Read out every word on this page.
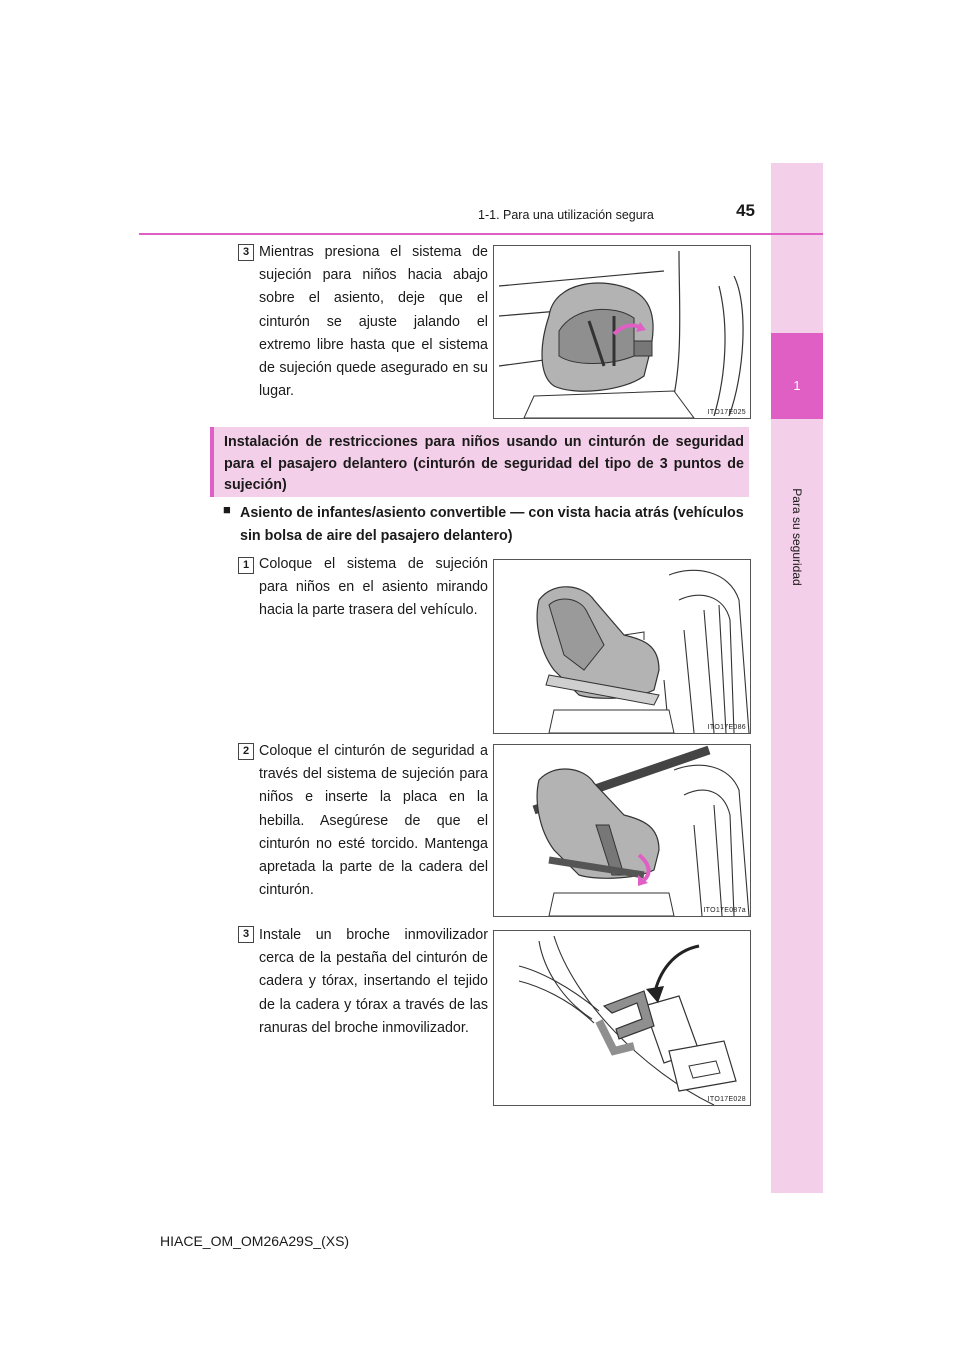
1
Para su seguridad
1-1. Para una utilización segura	45
3 Mientras presiona el sistema de sujeción para niños hacia abajo sobre el asiento, deje que el cinturón se ajuste jalando el extremo libre hasta que el sistema de sujeción quede asegurado en su lugar.
ITO17E025
Instalación de restricciones para niños usando un cinturón de seguridad para el pasajero delantero (cinturón de seguridad del tipo de 3 puntos de sujeción)
■ Asiento de infantes/asiento convertible — con vista hacia atrás (vehículos sin bolsa de aire del pasajero delantero)
1 Coloque el sistema de sujeción para niños en el asiento mirando hacia la parte trasera del vehículo.
ITO17E086
2 Coloque el cinturón de seguridad a través del sistema de sujeción para niños e inserte la placa en la hebilla. Asegúrese de que el cinturón no esté torcido. Mantenga apretada la parte de la cadera del cinturón.
ITO17E087a
3 Instale un broche inmovilizador cerca de la pestaña del cinturón de cadera y tórax, insertando el tejido de la cadera y tórax a través de las ranuras del broche inmovilizador.
ITO17E028
HIACE_OM_OM26A29S_(XS)
